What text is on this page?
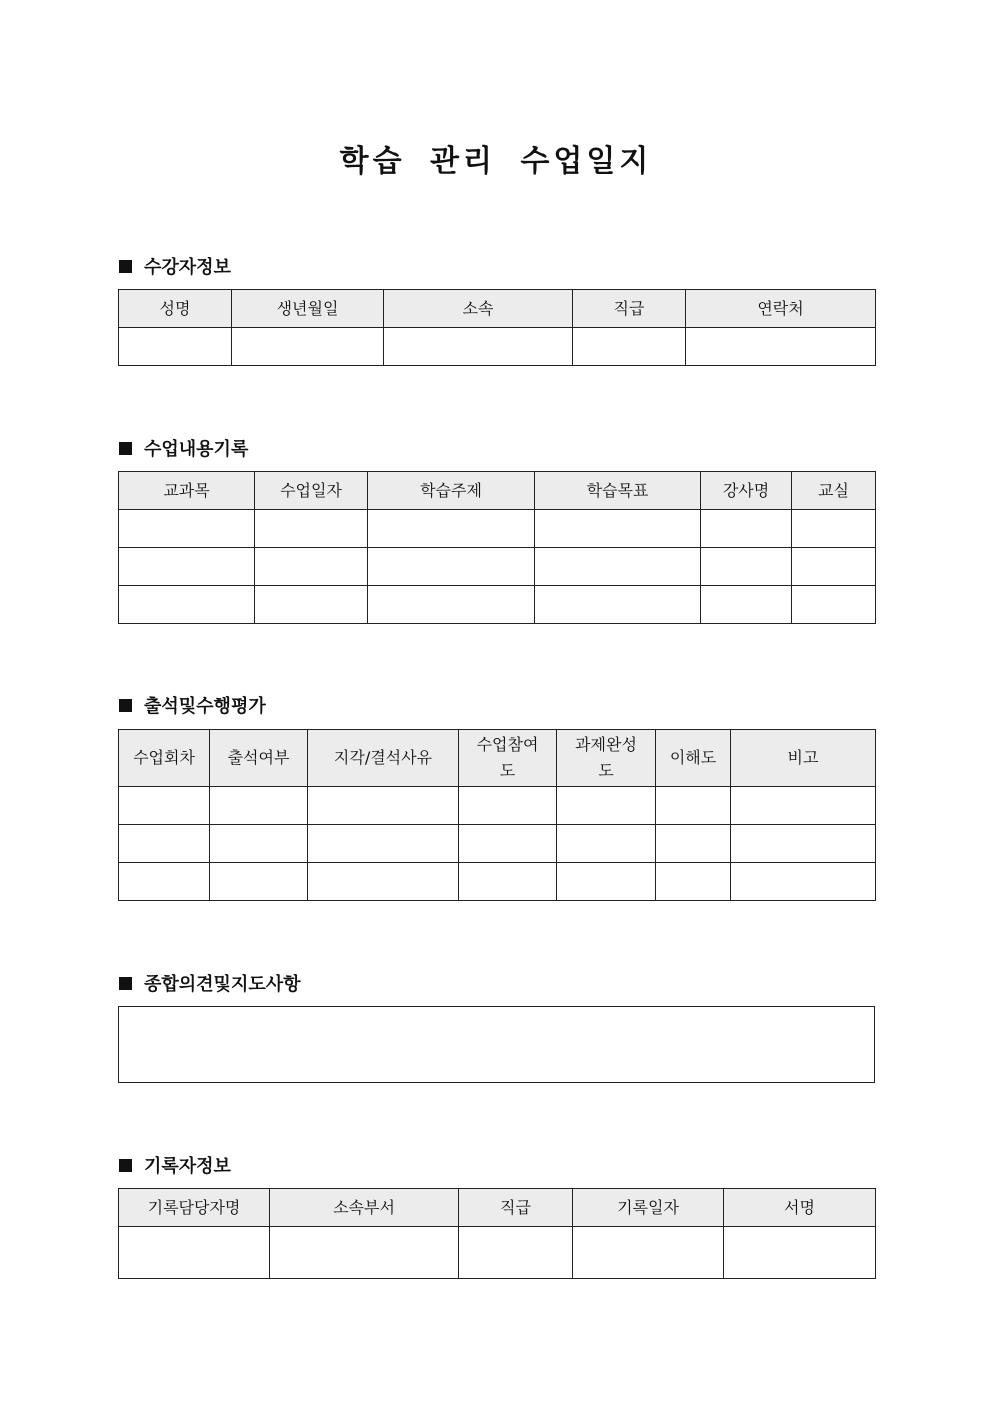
학습 관리 수업일지
수강자정보
성명	생년월일	소속	직급	연락처

수업내용기록
교과목	수업일자	학습주제	학습목표	강사명	교실

출석및수행평가
수업회차	출석여부	지각/결석사유	수업참여도	과제완성도	이해도	비고

종합의견및지도사항
기록자정보
기록담당자명	소속부서	직급	기록일자	서명
